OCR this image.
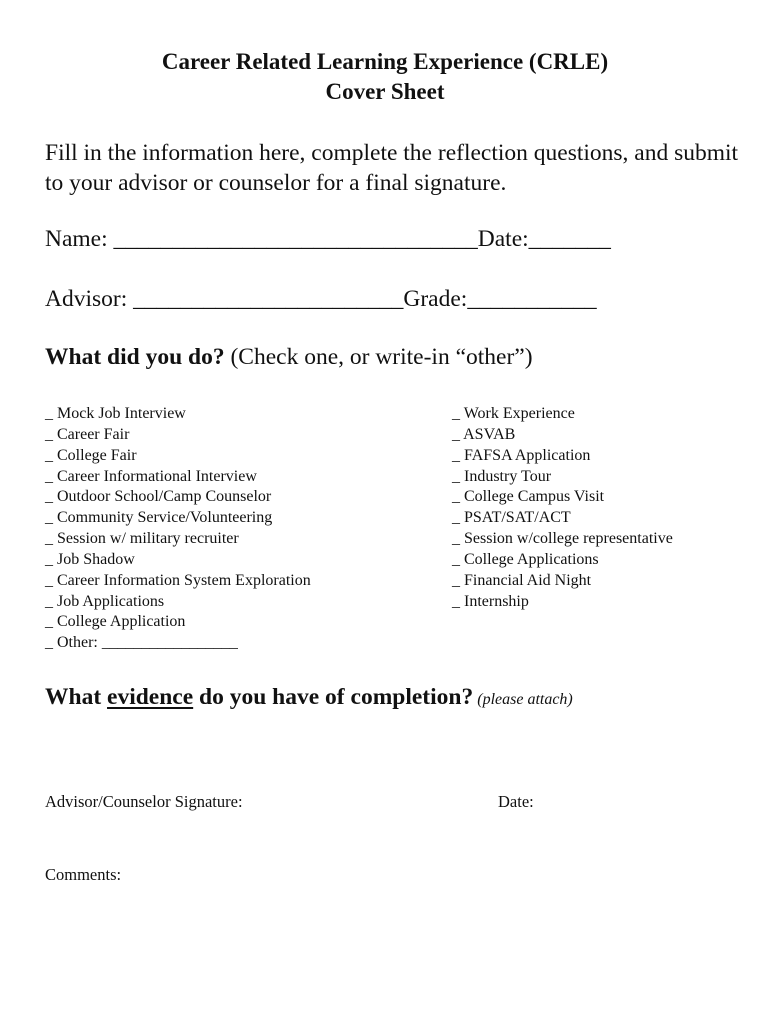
Career Related Learning Experience (CRLE)
Cover Sheet
Fill in the information here, complete the reflection questions, and submit to your advisor or counselor for a final signature.
Name: _______________________________Date:_______
Advisor: _______________________Grade:___________
What did you do? (Check one, or write-in “other”)
_ Mock Job Interview
_ Career Fair
_ College Fair
_ Career Informational Interview
_ Outdoor School/Camp Counselor
_ Community Service/Volunteering
_ Session w/ military recruiter
_ Job Shadow
_ Career Information System Exploration
_ Job Applications
_ College Application
_ Other: _________________
_ Work Experience
_ ASVAB
_ FAFSA Application
_ Industry Tour
_ College Campus Visit
_ PSAT/SAT/ACT
_ Session w/college representative
_ College Applications
_ Financial Aid Night
_ Internship
What evidence do you have of completion? (please attach)
Advisor/Counselor Signature:	Date:
Comments:
